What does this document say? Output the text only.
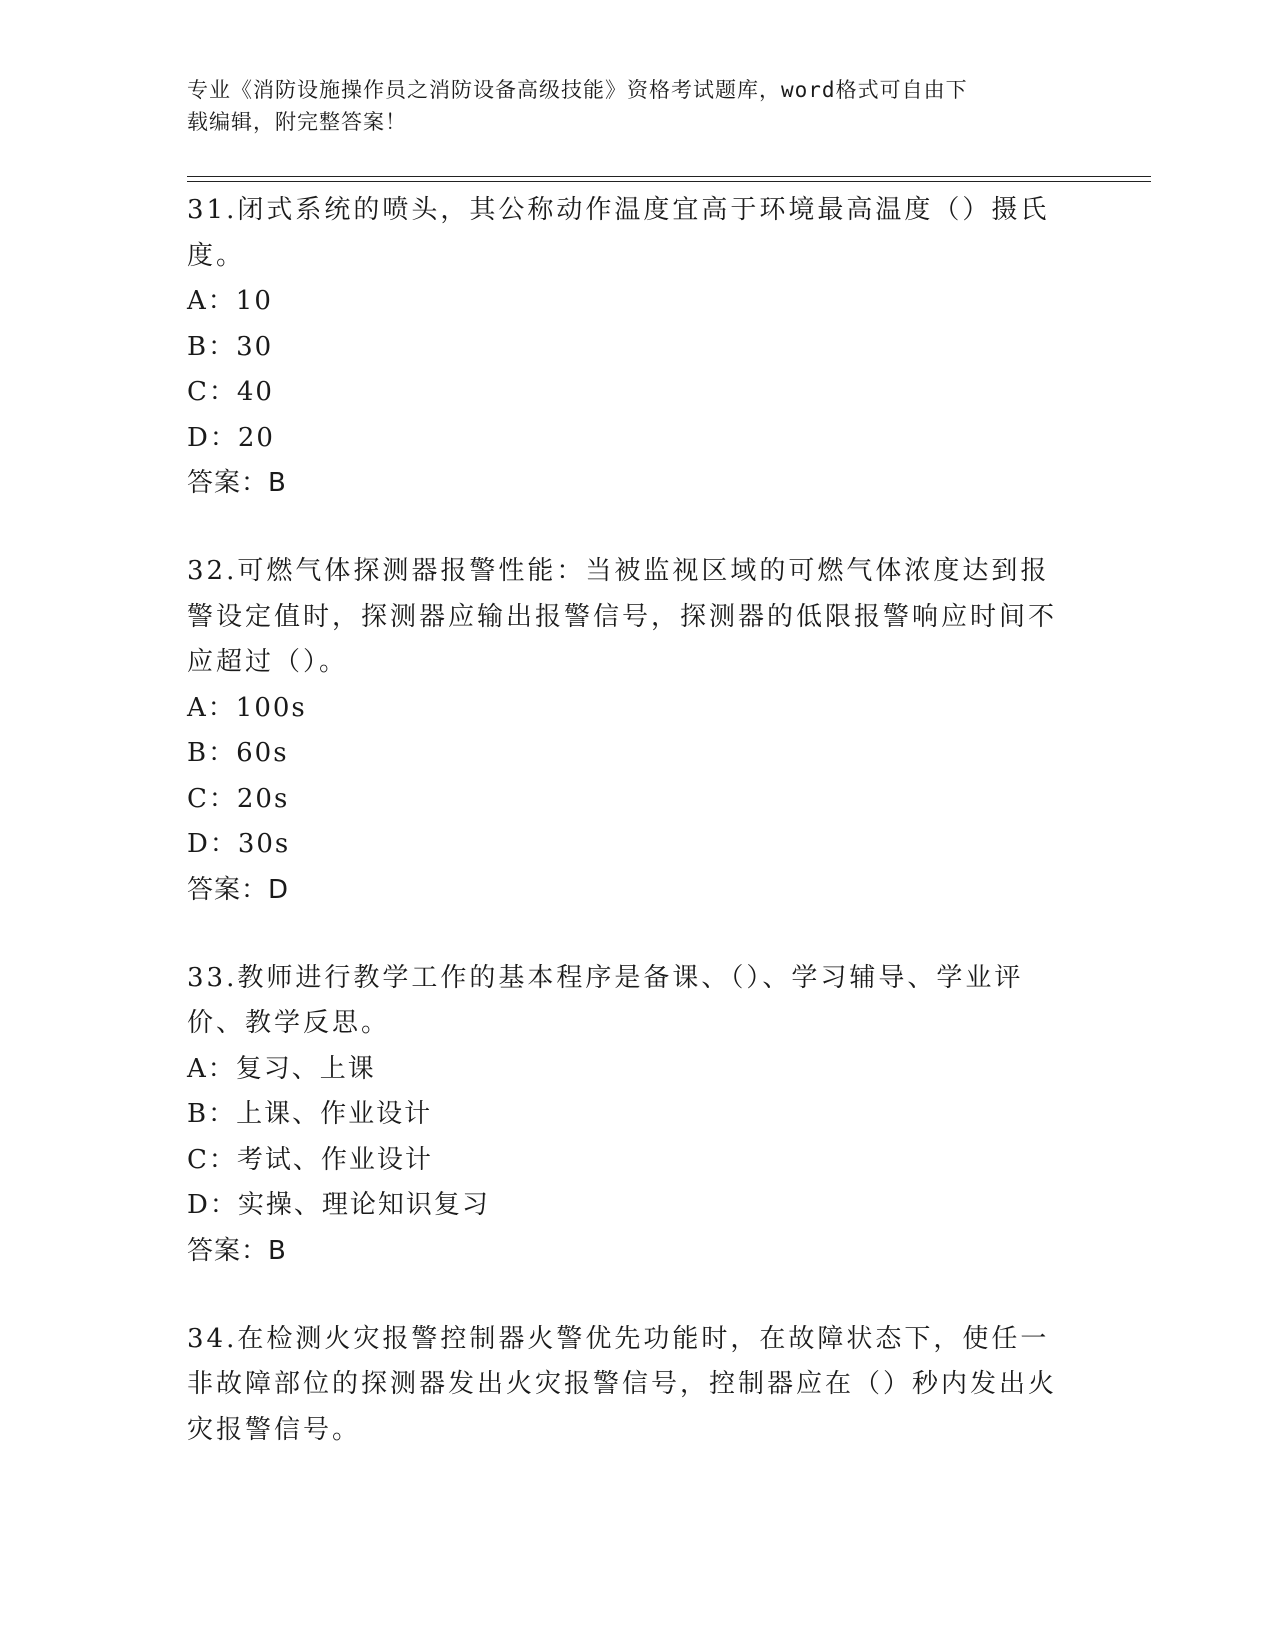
专业《消防设施操作员之消防设备高级技能》资格考试题库，word格式可自由下
载编辑，附完整答案！

31.闭式系统的喷头，其公称动作温度宜高于环境最高温度（）摄氏度。

A：10

B：30

C：40

D：20

答案：B

32.可燃气体探测器报警性能：当被监视区域的可燃气体浓度达到报警设定值时，探测器应输出报警信号，探测器的低限报警响应时间不应超过（）。

A：100s

B：60s

C：20s

D：30s

答案：D

33.教师进行教学工作的基本程序是备课、（）、学习辅导、学业评价、教学反思。

A：复习、上课

B：上课、作业设计

C：考试、作业设计

D：实操、理论知识复习

答案：B

34.在检测火灾报警控制器火警优先功能时，在故障状态下，使任一非故障部位的探测器发出火灾报警信号，控制器应在（）秒内发出火灾报警信号。
